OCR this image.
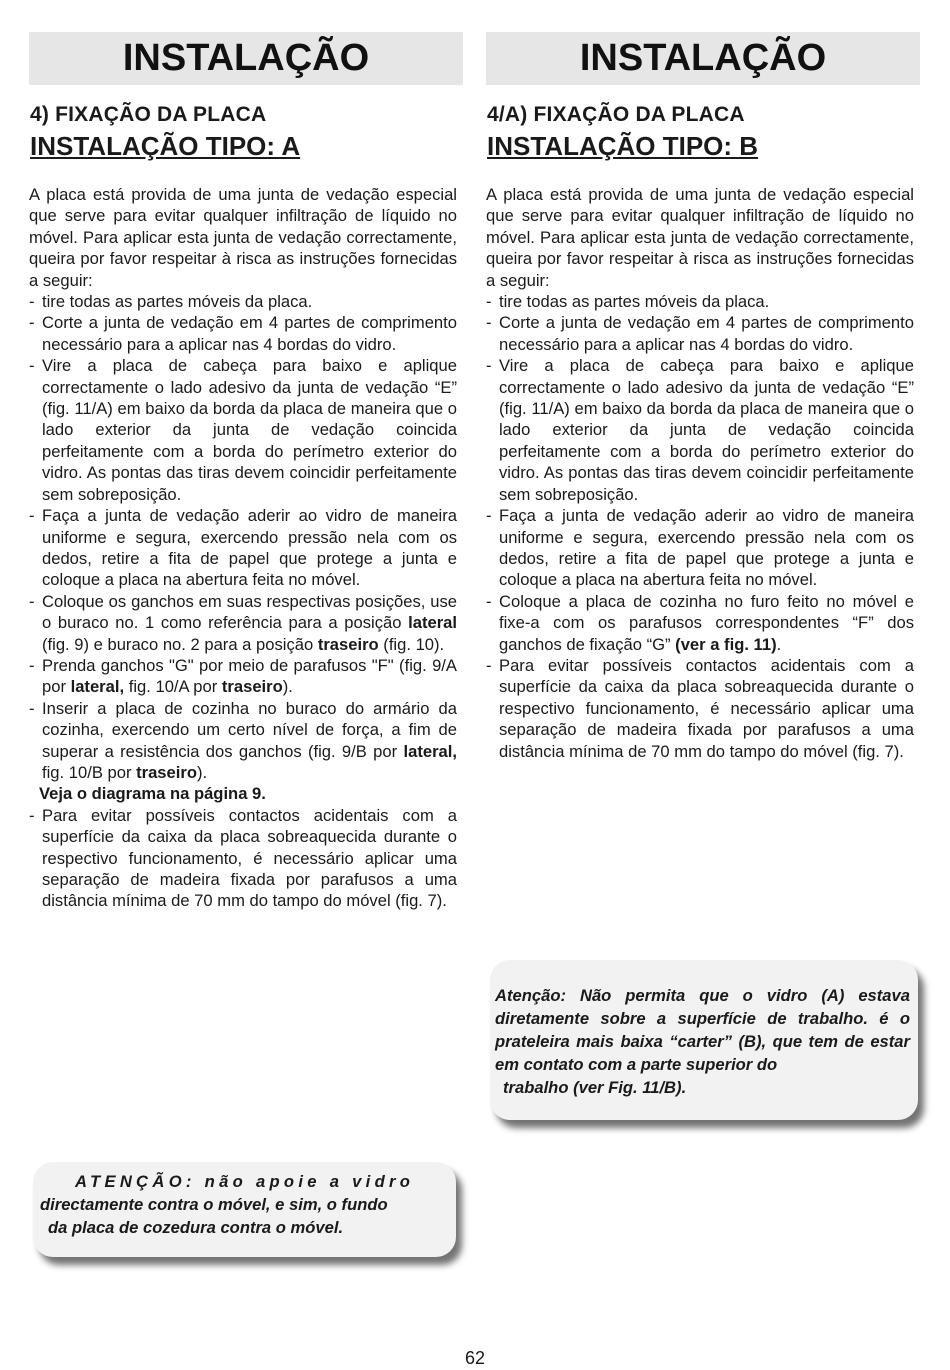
INSTALAÇÃO
4) FIXAÇÃO DA PLACA
INSTALAÇÃO TIPO: A

A placa está provida de uma junta de vedação especial que serve para evitar qualquer infiltração de líquido no móvel. Para aplicar esta junta de vedação correctamente, queira por favor respeitar à risca as instruções fornecidas a seguir:

- tire todas as partes móveis da placa.
- Corte a junta de vedação em 4 partes de comprimento necessário para a aplicar nas 4 bordas do vidro.
- Vire a placa de cabeça para baixo e aplique correctamente o lado adesivo da junta de vedação “E” (fig. 11/A) em baixo da borda da placa de maneira que o lado exterior da junta de vedação coincida perfeitamente com a borda do perímetro exterior do vidro. As pontas das tiras devem coincidir perfeitamente sem sobreposição.
- Faça a junta de vedação aderir ao vidro de maneira uniforme e segura, exercendo pressão nela com os dedos, retire a fita de papel que protege a junta e coloque a placa na abertura feita no móvel.
- Coloque os ganchos em suas respectivas posições, use o buraco no. 1 como referência para a posição lateral (fig. 9) e buraco no. 2 para a posição traseiro (fig. 10).
- Prenda ganchos "G" por meio de parafusos "F" (fig. 9/A por lateral, fig. 10/A por traseiro).
- Inserir a placa de cozinha no buraco do armário da cozinha, exercendo um certo nível de força, a fim de superar a resistência dos ganchos (fig. 9/B por lateral, fig. 10/B por traseiro).
Veja o diagrama na página 9.
- Para evitar possíveis contactos acidentais com a superfície da caixa da placa sobreaquecida durante o respectivo funcionamento, é necessário aplicar uma separação de madeira fixada por parafusos a uma distância mínima de 70 mm do tampo do móvel (fig. 7).
INSTALAÇÃO
4/A) FIXAÇÃO DA PLACA
INSTALAÇÃO TIPO: B

A placa está provida de uma junta de vedação especial que serve para evitar qualquer infiltração de líquido no móvel. Para aplicar esta junta de vedação correctamente, queira por favor respeitar à risca as instruções fornecidas a seguir:

- tire todas as partes móveis da placa.
- Corte a junta de vedação em 4 partes de comprimento necessário para a aplicar nas 4 bordas do vidro.
- Vire a placa de cabeça para baixo e aplique correctamente o lado adesivo da junta de vedação “E” (fig. 11/A) em baixo da borda da placa de maneira que o lado exterior da junta de vedação coincida perfeitamente com a borda do perímetro exterior do vidro. As pontas das tiras devem coincidir perfeitamente sem sobreposição.
- Faça a junta de vedação aderir ao vidro de maneira uniforme e segura, exercendo pressão nela com os dedos, retire a fita de papel que protege a junta e coloque a placa na abertura feita no móvel.
- Coloque a placa de cozinha no furo feito no móvel e fixe-a com os parafusos correspondentes “F” dos ganchos de fixação “G” (ver a fig. 11).
- Para evitar possíveis contactos acidentais com a superfície da caixa da placa sobreaquecida durante o respectivo funcionamento, é necessário aplicar uma separação de madeira fixada por parafusos a uma distância mínima de 70 mm do tampo do móvel (fig. 7).
Atenção: Não permita que o vidro (A) estava diretamente sobre a superfície de trabalho. é o prateleira mais baixa “carter” (B), que tem de estar em contato com a parte superior do
trabalho (ver Fig. 11/B).
ATENÇÃO: não apoie a vidro
directamente contra o móvel, e sim, o fundo
da placa de cozedura contra o móvel.
62
